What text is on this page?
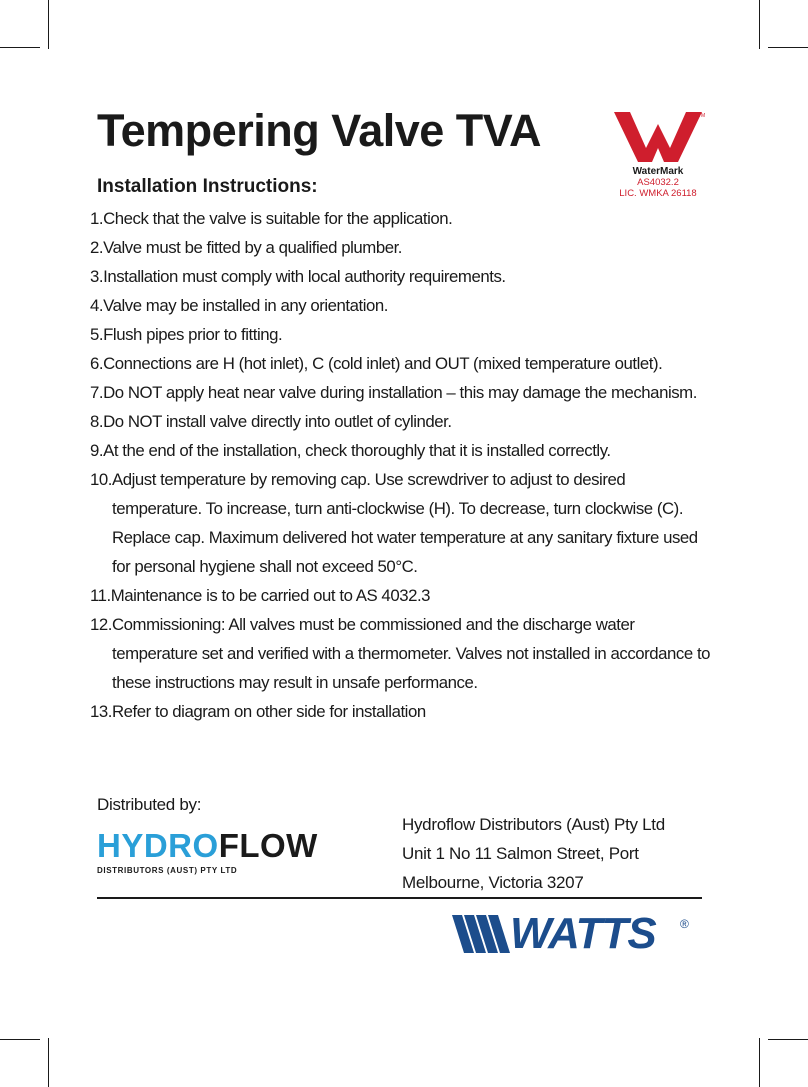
Tempering Valve TVA	TM
WaterMark
AS4032.2
LIC. WMKA 26118
Installation Instructions:
1. Check that the valve is suitable for the application.
2. Valve must be fitted by a qualified plumber.
3. Installation must comply with local authority requirements.
4. Valve may be installed in any orientation.
5. Flush pipes prior to fitting.
6. Connections are H (hot inlet), C (cold inlet) and OUT (mixed temperature outlet).
7. Do NOT apply heat near valve during installation – this may damage the mechanism.
8. Do NOT install valve directly into outlet of cylinder.
9. At the end of the installation, check thoroughly that it is installed correctly.
10. Adjust temperature by removing cap. Use screwdriver to adjust to desired temperature. To increase, turn anti-clockwise (H). To decrease, turn clockwise (C). Replace cap. Maximum delivered hot water temperature at any sanitary fixture used for personal hygiene shall not exceed 50°C.
11. Maintenance is to be carried out to AS 4032.3
12. Commissioning: All valves must be commissioned and the discharge water temperature set and verified with a thermometer. Valves not installed in accordance to these instructions may result in unsafe performance.
13. Refer to diagram on other side for installation
Distributed by:
HYDROFLOW
DISTRIBUTORS (AUST) PTY LTD
Hydroflow Distributors (Aust) Pty Ltd
Unit 1 No 11 Salmon Street, Port
Melbourne, Victoria 3207
WATTS ®
